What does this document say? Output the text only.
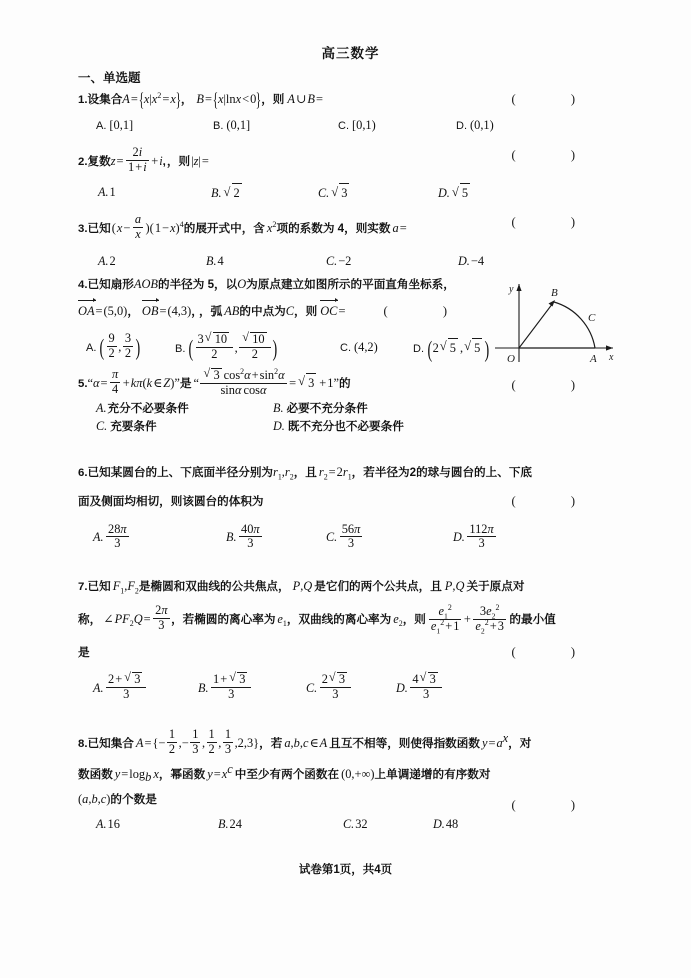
高三数学
一、单选题
1.设集合$A=\{x|x^2=x\}$， B={x|lnx<0}，则 A∪B=	( )
A. [0,1]	B. (0,1]	C. [0,1)	D. (0,1)
2.复数$z= \frac{2i}{1+i} +i$,，则|z|=	( )
A.1	B. √ 2	C. √ 3	D. √ 5
3.已知$(x- \frac{a}{x} )(1-x)^4$的展开式中，含 $x^2$项的系数为 4，则实数 a=	( )
A.2	B.4	C.−2	D.−4
4.已知扇形AOB的半径为 5，以O为原点建立如图所示的平面直角坐标系，
OA=(5,0)， OB=(4,3)， ，弧 AB的中点为C，则 OC=	( )
A. ( $\frac{9}{2}$ , $\frac{3}{2}$ )	B. ( $\frac{3 √ 10}{2}$ , √ $\frac{10}{2}$ )	C. (4,2)	D. (2 √ 5 , √ 5 )
5.“α= $\frac{\pi}{4}$ +kπ(k∈Z)”是 “ √ $\frac{3 \cos^2\alpha+\sin^2\alpha}{\text{sinα cosα}}$ = √ 3 +1”的	( )
A.充分不必要条件	B. 必要不充分条件
C. 充要条件	D. 既不充分也不必要条件
6.已知某圆台的上、下底面半径分别为$r_1,r_2$，且 $r_2=2r_1$，若半径为2的球与圆台的上、下底
面及侧面均相切，则该圆台的体积为	( )
A. $\frac{28\pi}{3}$	B. $\frac{40\pi}{3}$	C. $\frac{56\pi}{3}$	D. $\frac{112\pi}{3}$
7.已知 $F_1,F_2$是椭圆和双曲线的公共焦点， P,Q 是它们的两个公共点，且 P,Q 关于原点对
称， $\angle PF_2Q= \frac{2\pi}{3}$ ，若椭圆的离心率为 $e_1$，双曲线的离心率为 $e_2$，则 $\frac{e_1^2}{e_1^2+1} + \frac{3e_2^2}{e_2^2+3}$ 的最小值
是	( )
A. $\frac{2+ √ 3}{3}$	B. $\frac{1+ √ 3}{3}$	C. $\frac{2 √ 3}{3}$	D. $\frac{4 √ 3}{3}$
8.已知集合 $A=\{- \frac{1}{2}$ ,− $\frac{1}{3}$ , $\frac{1}{2}$ , $\frac{1}{3} ,2,3$}，若 a,b,c∈A 且互不相等，则使得指数函数 $y=a^x$，对
数函数 $y=\log_b$ x，幂函数 $y=x^c$ 中至少有两个函数在 (0,+∞)上单调递增的有序数对
(a,b,c)的个数是	( )
A.16	B.24	C.32	D.48
O	A
B
C
y
x
试卷第1页，共4页
